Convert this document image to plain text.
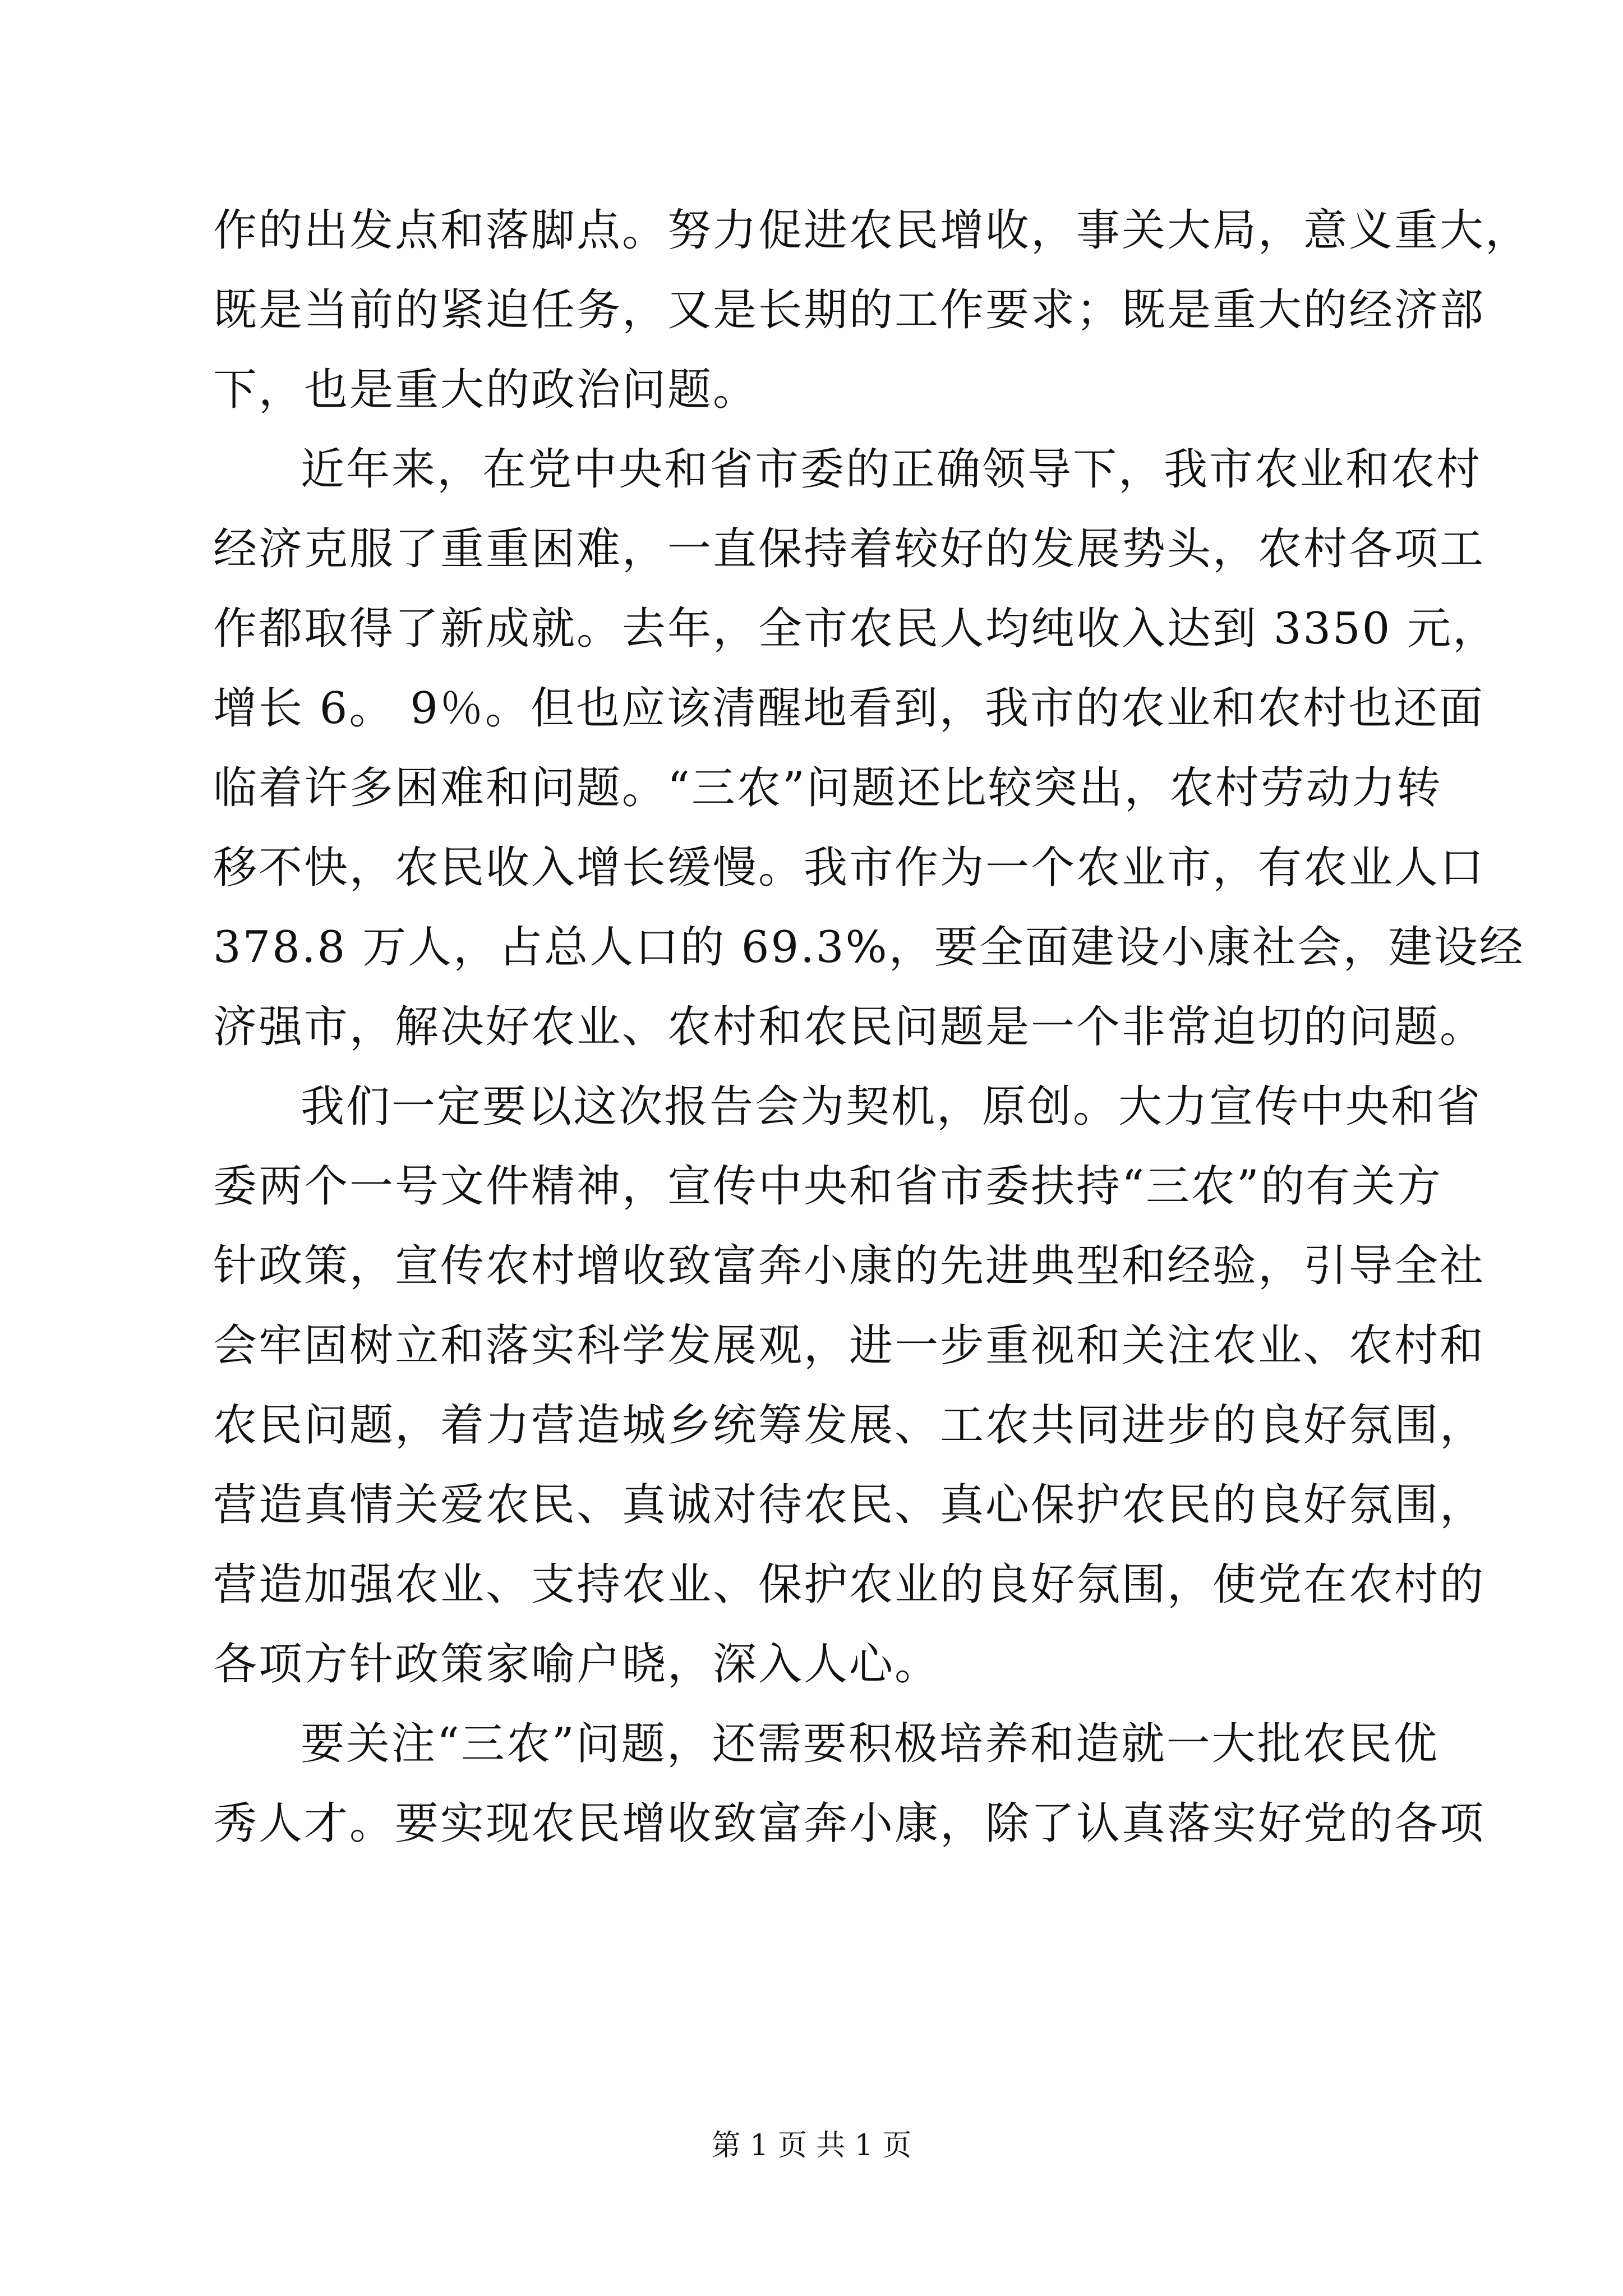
作的出发点和落脚点。努力促进农民增收，事关大局，意义重大，
既是当前的紧迫任务，又是长期的工作要求；既是重大的经济部
下，也是重大的政治问题。
近年来，在党中央和省市委的正确领导下，我市农业和农村
经济克服了重重困难，一直保持着较好的发展势头，农村各项工
作都取得了新成就。去年，全市农民人均纯收入达到 3350 元，
增长 6。 9％。但也应该清醒地看到，我市的农业和农村也还面
临着许多困难和问题。“三农”问题还比较突出，农村劳动力转
移不快，农民收入增长缓慢。我市作为一个农业市，有农业人口
378.8 万人，占总人口的 69.3%，要全面建设小康社会，建设经
济强市，解决好农业、农村和农民问题是一个非常迫切的问题。
我们一定要以这次报告会为契机，原创。大力宣传中央和省
委两个一号文件精神，宣传中央和省市委扶持“三农”的有关方
针政策，宣传农村增收致富奔小康的先进典型和经验，引导全社
会牢固树立和落实科学发展观，进一步重视和关注农业、农村和
农民问题，着力营造城乡统筹发展、工农共同进步的良好氛围，
营造真情关爱农民、真诚对待农民、真心保护农民的良好氛围，
营造加强农业、支持农业、保护农业的良好氛围，使党在农村的
各项方针政策家喻户晓，深入人心。
要关注“三农”问题，还需要积极培养和造就一大批农民优
秀人才。要实现农民增收致富奔小康，除了认真落实好党的各项
第 1 页 共 1 页
